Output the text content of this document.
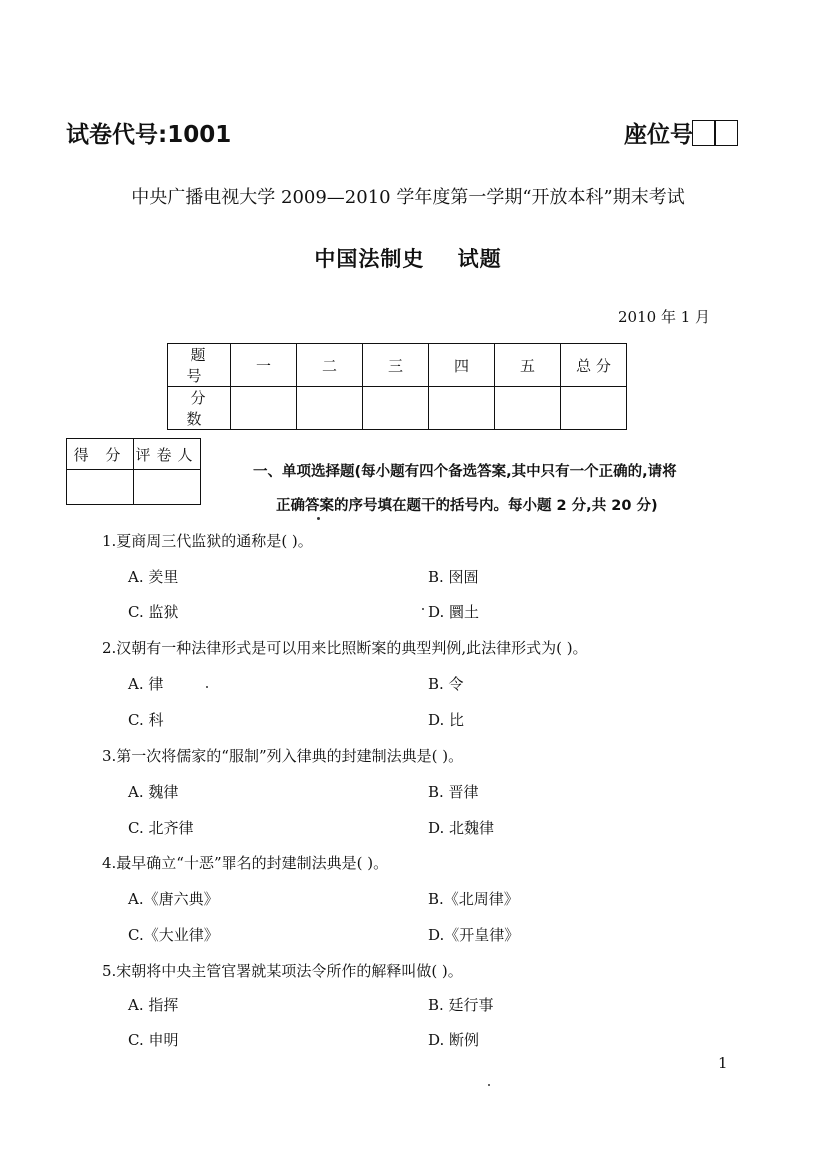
试卷代号:1001	座位号
中央广播电视大学 2009—2010 学年度第一学期“开放本科”期末考试
中国法制史    试题
2010 年 1 月
题 号	一	二	三	四	五	总 分
分 数						
得 分	评卷人

一、单项选择题(每小题有四个备选答案,其中只有一个正确的,请将
正确答案的序号填在题干的括号内。每小题 2 分,共 20 分)
1.夏商周三代监狱的通称是( )。
A. 羑里	B. 囹圄
C. 监狱	D. 圜土
2.汉朝有一种法律形式是可以用来比照断案的典型判例,此法律形式为( )。
A. 律	B. 令
C. 科	D. 比
3.第一次将儒家的“服制”列入律典的封建制法典是( )。
A. 魏律	B. 晋律
C. 北齐律	D. 北魏律
4.最早确立“十恶”罪名的封建制法典是( )。
A.《唐六典》	B.《北周律》
C.《大业律》	D.《开皇律》
5.宋朝将中央主管官署就某项法令所作的解释叫做( )。
A. 指挥	B. 廷行事
C. 申明	D. 断例
1
